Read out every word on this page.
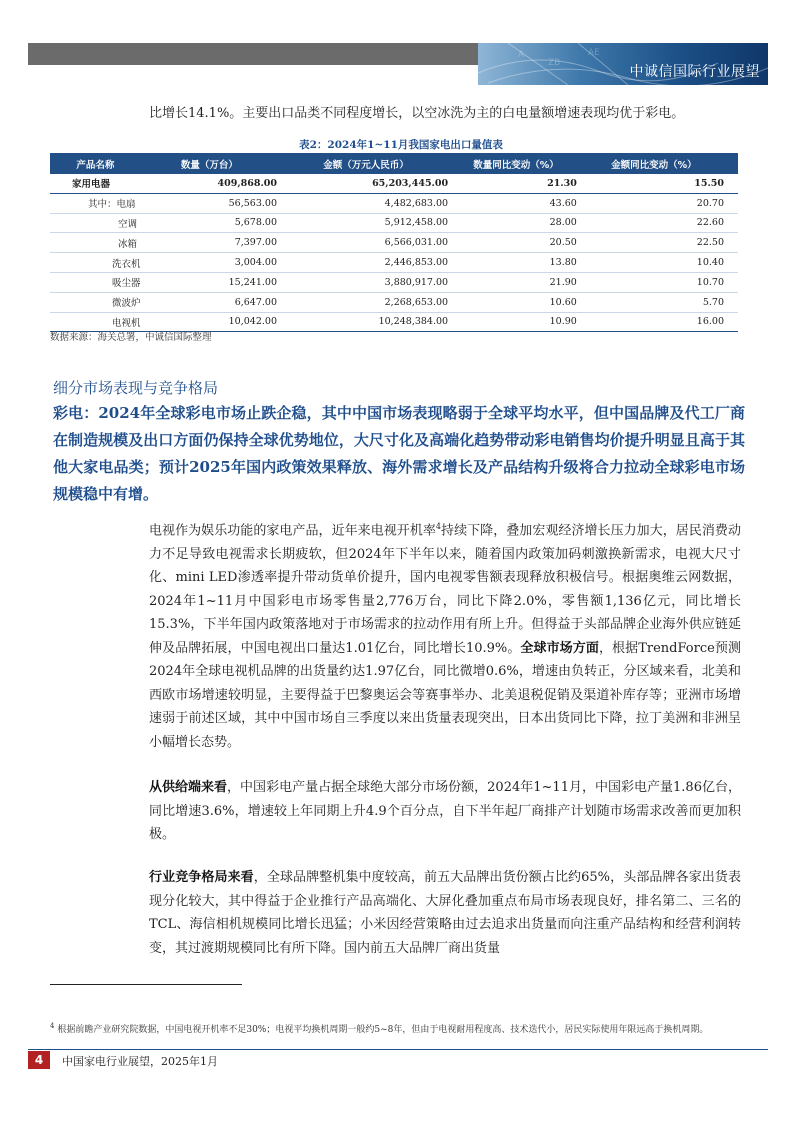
A
ZB
AE
中诚信国际行业展望
比增长14.1%。主要出口品类不同程度增长，以空冰洗为主的白电量额增速表现均优于彩电。
表2：2024年1~11月我国家电出口量值表
产品名称	数量（万台）	金额（万元人民币）	数量同比变动（%）	金额同比变动（%）
家用电器	409,868.00	65,203,445.00	21.30	15.50
其中：电扇	56,563.00	4,482,683.00	43.60	20.70
空调	5,678.00	5,912,458.00	28.00	22.60
冰箱	7,397.00	6,566,031.00	20.50	22.50
洗衣机	3,004.00	2,446,853.00	13.80	10.40
吸尘器	15,241.00	3,880,917.00	21.90	10.70
微波炉	6,647.00	2,268,653.00	10.60	5.70
电视机	10,042.00	10,248,384.00	10.90	16.00
数据来源：海关总署，中诚信国际整理
细分市场表现与竞争格局
彩电：2024年全球彩电市场止跌企稳，其中中国市场表现略弱于全球平均水平，但中国品牌及代工厂商在制造规模及出口方面仍保持全球优势地位，大尺寸化及高端化趋势带动彩电销售均价提升明显且高于其他大家电品类；预计2025年国内政策效果释放、海外需求增长及产品结构升级将合力拉动全球彩电市场规模稳中有增。
电视作为娱乐功能的家电产品，近年来电视开机率$^4$持续下降，叠加宏观经济增长压力加大，居民消费动力不足导致电视需求长期疲软，但2024年下半年以来，随着国内政策加码刺激换新需求，电视大尺寸化、mini LED渗透率提升带动货单价提升，国内电视零售额表现释放积极信号。根据奥维云网数据，2024年1~11月中国彩电市场零售量2,776万台，同比下降2.0%，零售额1,136亿元，同比增长15.3%，下半年国内政策落地对于市场需求的拉动作用有所上升。但得益于头部品牌企业海外供应链延伸及品牌拓展，中国电视出口量达1.01亿台，同比增长10.9%。全球市场方面，根据TrendForce预测2024年全球电视机品牌的出货量约达1.97亿台，同比微增0.6%，增速由负转正，分区域来看，北美和西欧市场增速较明显，主要得益于巴黎奥运会等赛事举办、北美退税促销及渠道补库存等；亚洲市场增速弱于前述区域，其中中国市场自三季度以来出货量表现突出，日本出货同比下降，拉丁美洲和非洲呈小幅增长态势。
从供给端来看，中国彩电产量占据全球绝大部分市场份额，2024年1~11月，中国彩电产量1.86亿台，同比增速3.6%，增速较上年同期上升4.9个百分点，自下半年起厂商排产计划随市场需求改善而更加积极。
行业竞争格局来看，全球品牌整机集中度较高，前五大品牌出货份额占比约65%，头部品牌各家出货表现分化较大，其中得益于企业推行产品高端化、大屏化叠加重点布局市场表现良好，排名第二、三名的TCL、海信相机规模同比增长迅猛；小米因经营策略由过去追求出货量而向注重产品结构和经营利润转变，其过渡期规模同比有所下降。国内前五大品牌厂商出货量
$^4$ 根据前瞻产业研究院数据，中国电视开机率不足30%；电视平均换机周期一般约5~8年，但由于电视耐用程度高、技术迭代小，居民实际使用年限远高于换机周期。
4	中国家电行业展望，2025年1月
